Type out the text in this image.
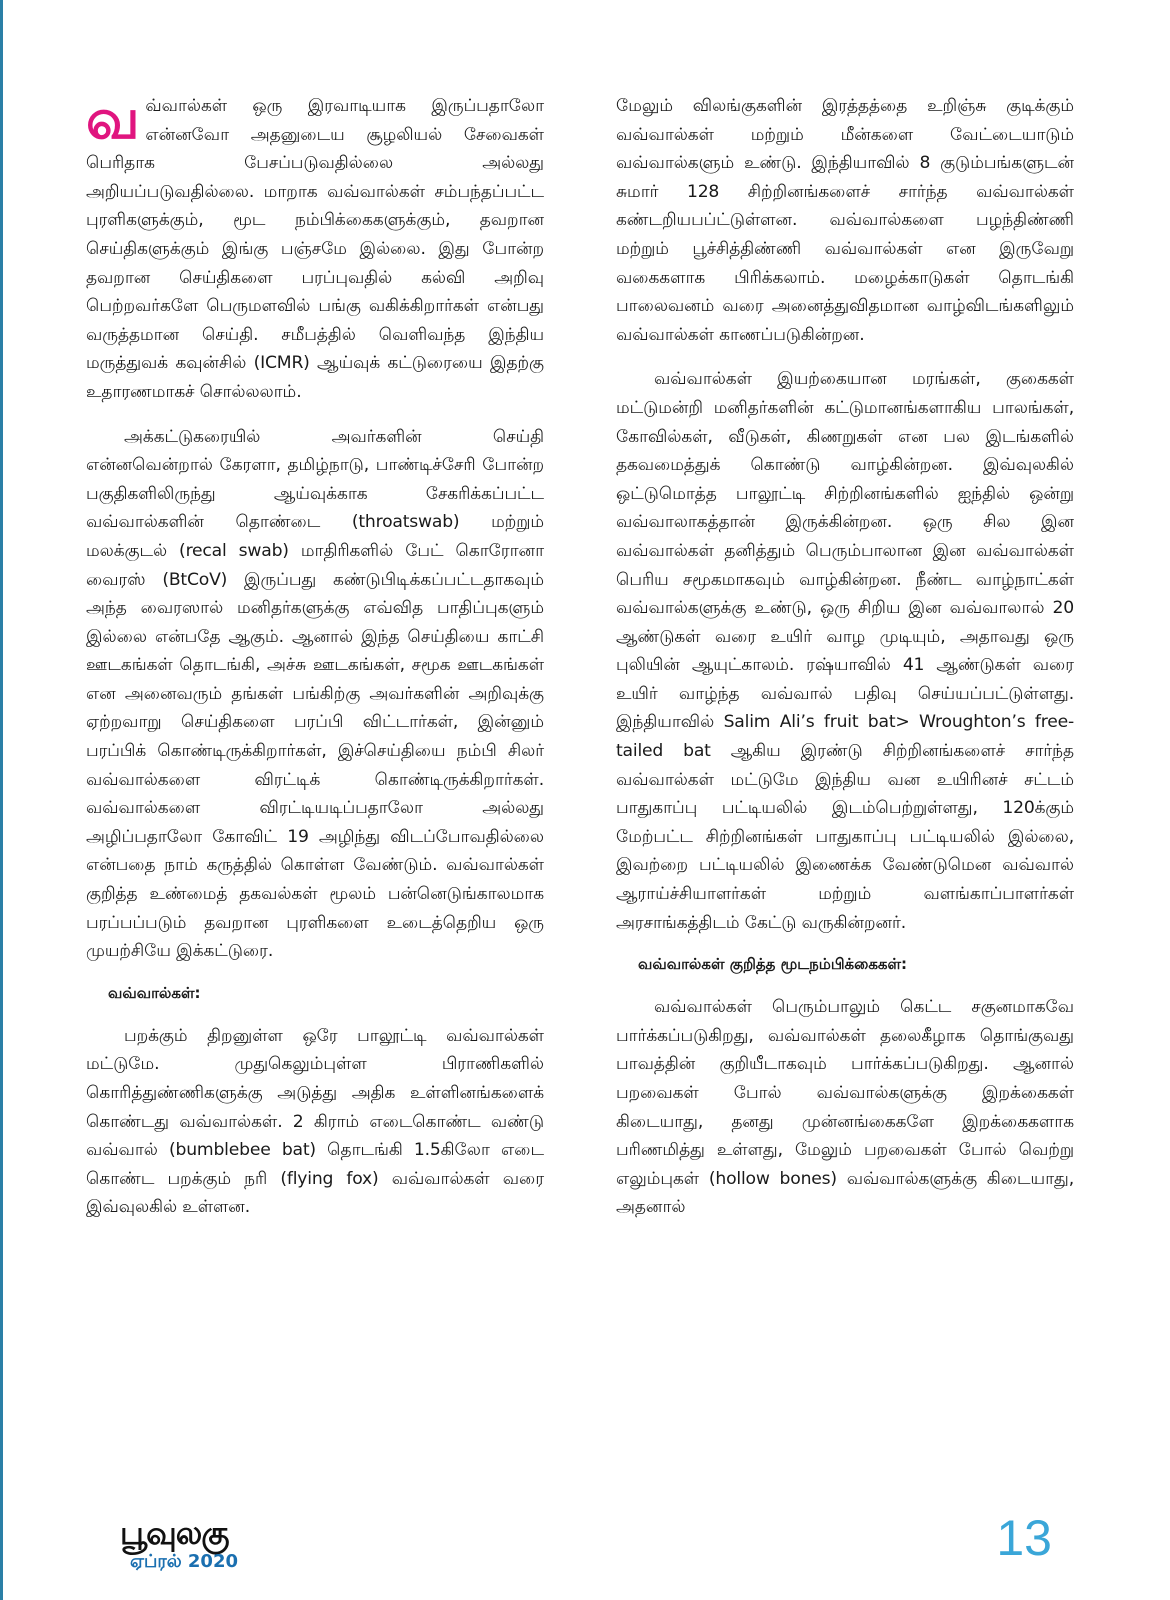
வவ்வால்கள் ஒரு இரவாடியாக இருப்பதாலோ என்னவோ அதனுடைய சூழலியல் சேவைகள் பெரிதாக பேசப்படுவதில்லை அல்லது அறியப்படுவதில்லை. மாறாக வவ்வால்கள் சம்பந்தப்பட்ட புரளிகளுக்கும், மூட நம்பிக்கைகளுக்கும், தவறான செய்திகளுக்கும் இங்கு பஞ்சமே இல்லை. இது போன்ற தவறான செய்திகளை பரப்புவதில் கல்வி அறிவு பெற்றவர்களே பெருமளவில் பங்கு வகிக்கிறார்கள் என்பது வருத்தமான செய்தி. சமீபத்தில் வெளிவந்த இந்திய மருத்துவக் கவுன்சில் (ICMR) ஆய்வுக் கட்டுரையை இதற்கு உதாரணமாகச் சொல்லலாம்.

அக்கட்டுகரையில் அவர்களின் செய்தி என்னவென்றால் கேரளா, தமிழ்நாடு, பாண்டிச்சேரி போன்ற பகுதிகளிலிருந்து ஆய்வுக்காக சேகரிக்கப்பட்ட வவ்வால்களின் தொண்டை (throatswab) மற்றும் மலக்குடல் (recal swab) மாதிரிகளில் பேட் கொரோனா வைரஸ் (BtCoV) இருப்பது கண்டுபிடிக்கப்பட்டதாகவும் அந்த வைரஸால் மனிதர்களுக்கு எவ்வித பாதிப்புகளும் இல்லை என்பதே ஆகும். ஆனால் இந்த செய்தியை காட்சி ஊடகங்கள் தொடங்கி, அச்சு ஊடகங்கள், சமூக ஊடகங்கள் என அனைவரும் தங்கள் பங்கிற்கு அவர்களின் அறிவுக்கு ஏற்றவாறு செய்திகளை பரப்பி விட்டார்கள், இன்னும் பரப்பிக் கொண்டிருக்கிறார்கள், இச்செய்தியை நம்பி சிலர் வவ்வால்களை விரட்டிக் கொண்டிருக்கிறார்கள். வவ்வால்களை விரட்டியடிப்பதாலோ அல்லது அழிப்பதாலோ கோவிட் 19 அழிந்து விடப்போவதில்லை என்பதை நாம் கருத்தில் கொள்ள வேண்டும். வவ்வால்கள் குறித்த உண்மைத் தகவல்கள் மூலம் பன்னெடுங்காலமாக பரப்பப்படும் தவறான புரளிகளை உடைத்தெறிய ஒரு முயற்சியே இக்கட்டுரை.

வவ்வால்கள்:

பறக்கும் திறனுள்ள ஒரே பாலூட்டி வவ்வால்கள் மட்டுமே. முதுகெலும்புள்ள பிராணிகளில் கொரித்துண்ணிகளுக்கு அடுத்து அதிக உள்ளினங்களைக் கொண்டது வவ்வால்கள். 2 கிராம் எடைகொண்ட வண்டு வவ்வால் (bumblebee bat) தொடங்கி 1.5கிலோ எடை கொண்ட பறக்கும் நரி (flying fox) வவ்வால்கள் வரை இவ்வுலகில் உள்ளன.

மேலும் விலங்குகளின் இரத்தத்தை உறிஞ்சு குடிக்கும் வவ்வால்கள் மற்றும் மீன்களை வேட்டையாடும் வவ்வால்களும் உண்டு. இந்தியாவில் 8 குடும்பங்களுடன் சுமார் 128 சிற்றினங்களைச் சார்ந்த வவ்வால்கள் கண்டறியபப்ட்டுள்ளன. வவ்வால்களை பழந்திண்ணி மற்றும் பூச்சித்திண்ணி வவ்வால்கள் என இருவேறு வகைகளாக பிரிக்கலாம். மழைக்காடுகள் தொடங்கி பாலைவனம் வரை அனைத்துவிதமான வாழ்விடங்களிலும் வவ்வால்கள் காணப்படுகின்றன.

வவ்வால்கள் இயற்கையான மரங்கள், குகைகள் மட்டுமன்றி மனிதர்களின் கட்டுமானங்களாகிய பாலங்கள், கோவில்கள், வீடுகள், கிணறுகள் என பல இடங்களில் தகவமைத்துக் கொண்டு வாழ்கின்றன. இவ்வுலகில் ஒட்டுமொத்த பாலூட்டி சிற்றினங்களில் ஐந்தில் ஒன்று வவ்வாலாகத்தான் இருக்கின்றன. ஒரு சில இன வவ்வால்கள் தனித்தும் பெரும்பாலான இன வவ்வால்கள் பெரிய சமூகமாகவும் வாழ்கின்றன. நீண்ட வாழ்நாட்கள் வவ்வால்களுக்கு உண்டு, ஒரு சிறிய இன வவ்வாலால் 20 ஆண்டுகள் வரை உயிர் வாழ முடியும், அதாவது ஒரு புலியின் ஆயுட்காலம். ரஷ்யாவில் 41 ஆண்டுகள் வரை உயிர் வாழ்ந்த வவ்வால் பதிவு செய்யப்பட்டுள்ளது. இந்தியாவில் Salim Ali’s fruit bat> Wroughton’s free-tailed bat ஆகிய இரண்டு சிற்றினங்களைச் சார்ந்த வவ்வால்கள் மட்டுமே இந்திய வன உயிரினச் சட்டம் பாதுகாப்பு பட்டியலில் இடம்பெற்றுள்ளது, 120க்கும் மேற்பட்ட சிற்றினங்கள் பாதுகாப்பு பட்டியலில் இல்லை, இவற்றை பட்டியலில் இணைக்க வேண்டுமென வவ்வால் ஆராய்ச்சியாளர்கள் மற்றும் வளங்காப்பாளர்கள் அரசாங்கத்திடம் கேட்டு வருகின்றனர்.

வவ்வால்கள் குறித்த மூடநம்பிக்கைகள்:

வவ்வால்கள் பெரும்பாலும் கெட்ட சகுனமாகவே பார்க்கப்படுகிறது, வவ்வால்கள் தலைகீழாக தொங்குவது பாவத்தின் குறியீடாகவும் பார்க்கப்படுகிறது. ஆனால் பறவைகள் போல் வவ்வால்களுக்கு இறக்கைகள் கிடையாது, தனது முன்னங்கைகளே இறக்கைகளாக பரிணமித்து உள்ளது, மேலும் பறவைகள் போல் வெற்று எலும்புகள் (hollow bones) வவ்வால்களுக்கு கிடையாது, அதனால்

பூவுலகு
ஏப்ரல் 2020	13
